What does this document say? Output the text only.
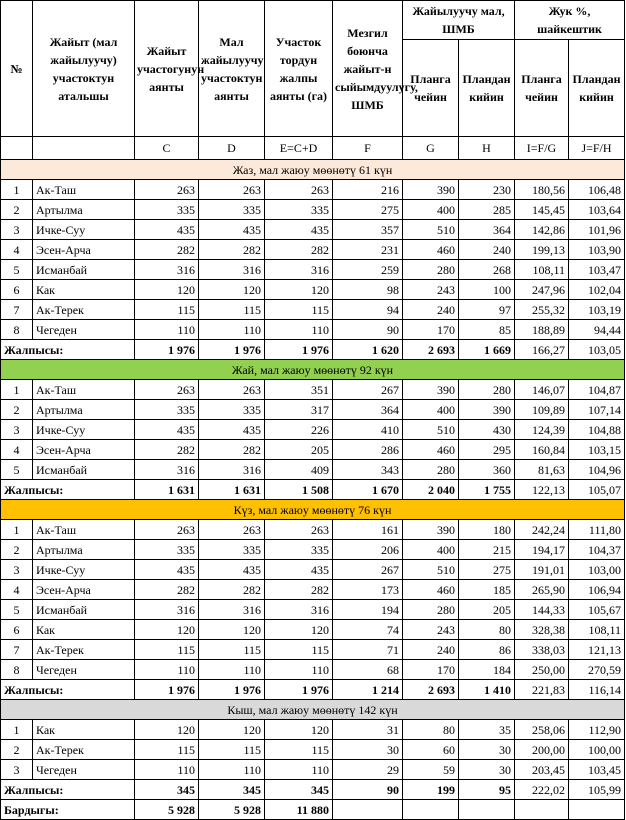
№	Жайыт (мал жайылуучу) участоктун атальшы	Жайыт участогунун аянты	Мал жайылуучу участоктун аянты	Участок тордун жалпы аянты (га)	Мезгил боюнча жайыт-н сыйымдуулугу, ШМБ	Жайылуучу мал, ШМБ		Жук %, шайкештик	
						Планга чейин	Пландан кийин	Планга чейин	Пландан кийин
		C	D	E=C+D	F	G	H	I=F/G	J=F/H
Жаз, мал жаюу мөөнөтү 61 күн									
1	Ак-Таш	263	263	263	216	390	230	180,56	106,48
2	Артылма	335	335	335	275	400	285	145,45	103,64
3	Ичке-Суу	435	435	435	357	510	364	142,86	101,96
4	Эсен-Арча	282	282	282	231	460	240	199,13	103,90
5	Исманбай	316	316	316	259	280	268	108,11	103,47
6	Как	120	120	120	98	243	100	247,96	102,04
7	Ак-Терек	115	115	115	94	240	97	255,32	103,19
8	Чегеден	110	110	110	90	170	85	188,89	94,44
Жалпысы:		1 976	1 976	1 976	1 620	2 693	1 669	166,27	103,05
Жай, мал жаюу мөөнөтү 92 күн									
1	Ак-Таш	263	263	351	267	390	280	146,07	104,87
2	Артылма	335	335	317	364	400	390	109,89	107,14
3	Ичке-Суу	435	435	226	410	510	430	124,39	104,88
4	Эсен-Арча	282	282	205	286	460	295	160,84	103,15
5	Исманбай	316	316	409	343	280	360	81,63	104,96
Жалпысы:		1 631	1 631	1 508	1 670	2 040	1 755	122,13	105,07
Күз, мал жаюу мөөнөтү 76 күн									
1	Ак-Таш	263	263	263	161	390	180	242,24	111,80
2	Артылма	335	335	335	206	400	215	194,17	104,37
3	Ичке-Суу	435	435	435	267	510	275	191,01	103,00
4	Эсен-Арча	282	282	282	173	460	185	265,90	106,94
5	Исманбай	316	316	316	194	280	205	144,33	105,67
6	Как	120	120	120	74	243	80	328,38	108,11
7	Ак-Терек	115	115	115	71	240	86	338,03	121,13
8	Чегеден	110	110	110	68	170	184	250,00	270,59
Жалпысы:		1 976	1 976	1 976	1 214	2 693	1 410	221,83	116,14
Кыш, мал жаюу мөөнөтү 142 күн									
1	Как	120	120	120	31	80	35	258,06	112,90
2	Ак-Терек	115	115	115	30	60	30	200,00	100,00
3	Чегеден	110	110	110	29	59	30	203,45	103,45
Жалпысы:		345	345	345	90	199	95	222,02	105,99
Бардыгы:		5 928	5 928	11 880					
